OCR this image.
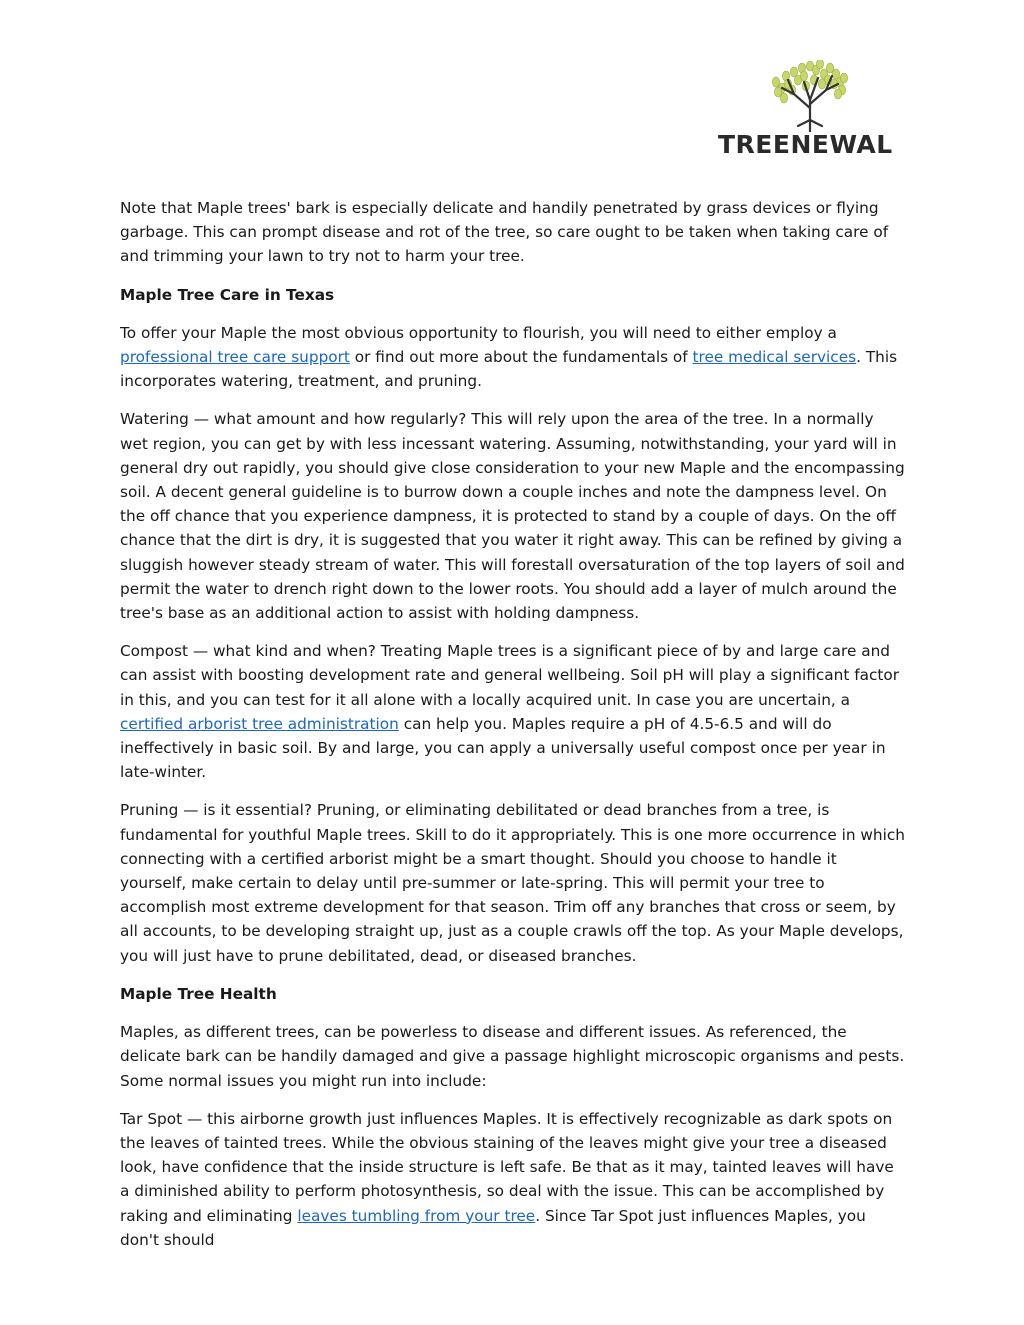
TREENEWAL

Note that Maple trees' bark is especially delicate and handily penetrated by grass devices or flying garbage. This can prompt disease and rot of the tree, so care ought to be taken when taking care of and trimming your lawn to try not to harm your tree.

Maple Tree Care in Texas

To offer your Maple the most obvious opportunity to flourish, you will need to either employ a professional tree care support or find out more about the fundamentals of tree medical services. This incorporates watering, treatment, and pruning.

Watering — what amount and how regularly? This will rely upon the area of the tree. In a normally wet region, you can get by with less incessant watering. Assuming, notwithstanding, your yard will in general dry out rapidly, you should give close consideration to your new Maple and the encompassing soil. A decent general guideline is to burrow down a couple inches and note the dampness level. On the off chance that you experience dampness, it is protected to stand by a couple of days. On the off chance that the dirt is dry, it is suggested that you water it right away. This can be refined by giving a sluggish however steady stream of water. This will forestall oversaturation of the top layers of soil and permit the water to drench right down to the lower roots. You should add a layer of mulch around the tree's base as an additional action to assist with holding dampness.

Compost — what kind and when? Treating Maple trees is a significant piece of by and large care and can assist with boosting development rate and general wellbeing. Soil pH will play a significant factor in this, and you can test for it all alone with a locally acquired unit. In case you are uncertain, a certified arborist tree administration can help you. Maples require a pH of 4.5-6.5 and will do ineffectively in basic soil. By and large, you can apply a universally useful compost once per year in late-winter.

Pruning — is it essential? Pruning, or eliminating debilitated or dead branches from a tree, is fundamental for youthful Maple trees. Skill to do it appropriately. This is one more occurrence in which connecting with a certified arborist might be a smart thought. Should you choose to handle it yourself, make certain to delay until pre-summer or late-spring. This will permit your tree to accomplish most extreme development for that season. Trim off any branches that cross or seem, by all accounts, to be developing straight up, just as a couple crawls off the top. As your Maple develops, you will just have to prune debilitated, dead, or diseased branches.

Maple Tree Health

Maples, as different trees, can be powerless to disease and different issues. As referenced, the delicate bark can be handily damaged and give a passage highlight microscopic organisms and pests. Some normal issues you might run into include:

Tar Spot — this airborne growth just influences Maples. It is effectively recognizable as dark spots on the leaves of tainted trees. While the obvious staining of the leaves might give your tree a diseased look, have confidence that the inside structure is left safe. Be that as it may, tainted leaves will have a diminished ability to perform photosynthesis, so deal with the issue. This can be accomplished by raking and eliminating leaves tumbling from your tree. Since Tar Spot just influences Maples, you don't should
